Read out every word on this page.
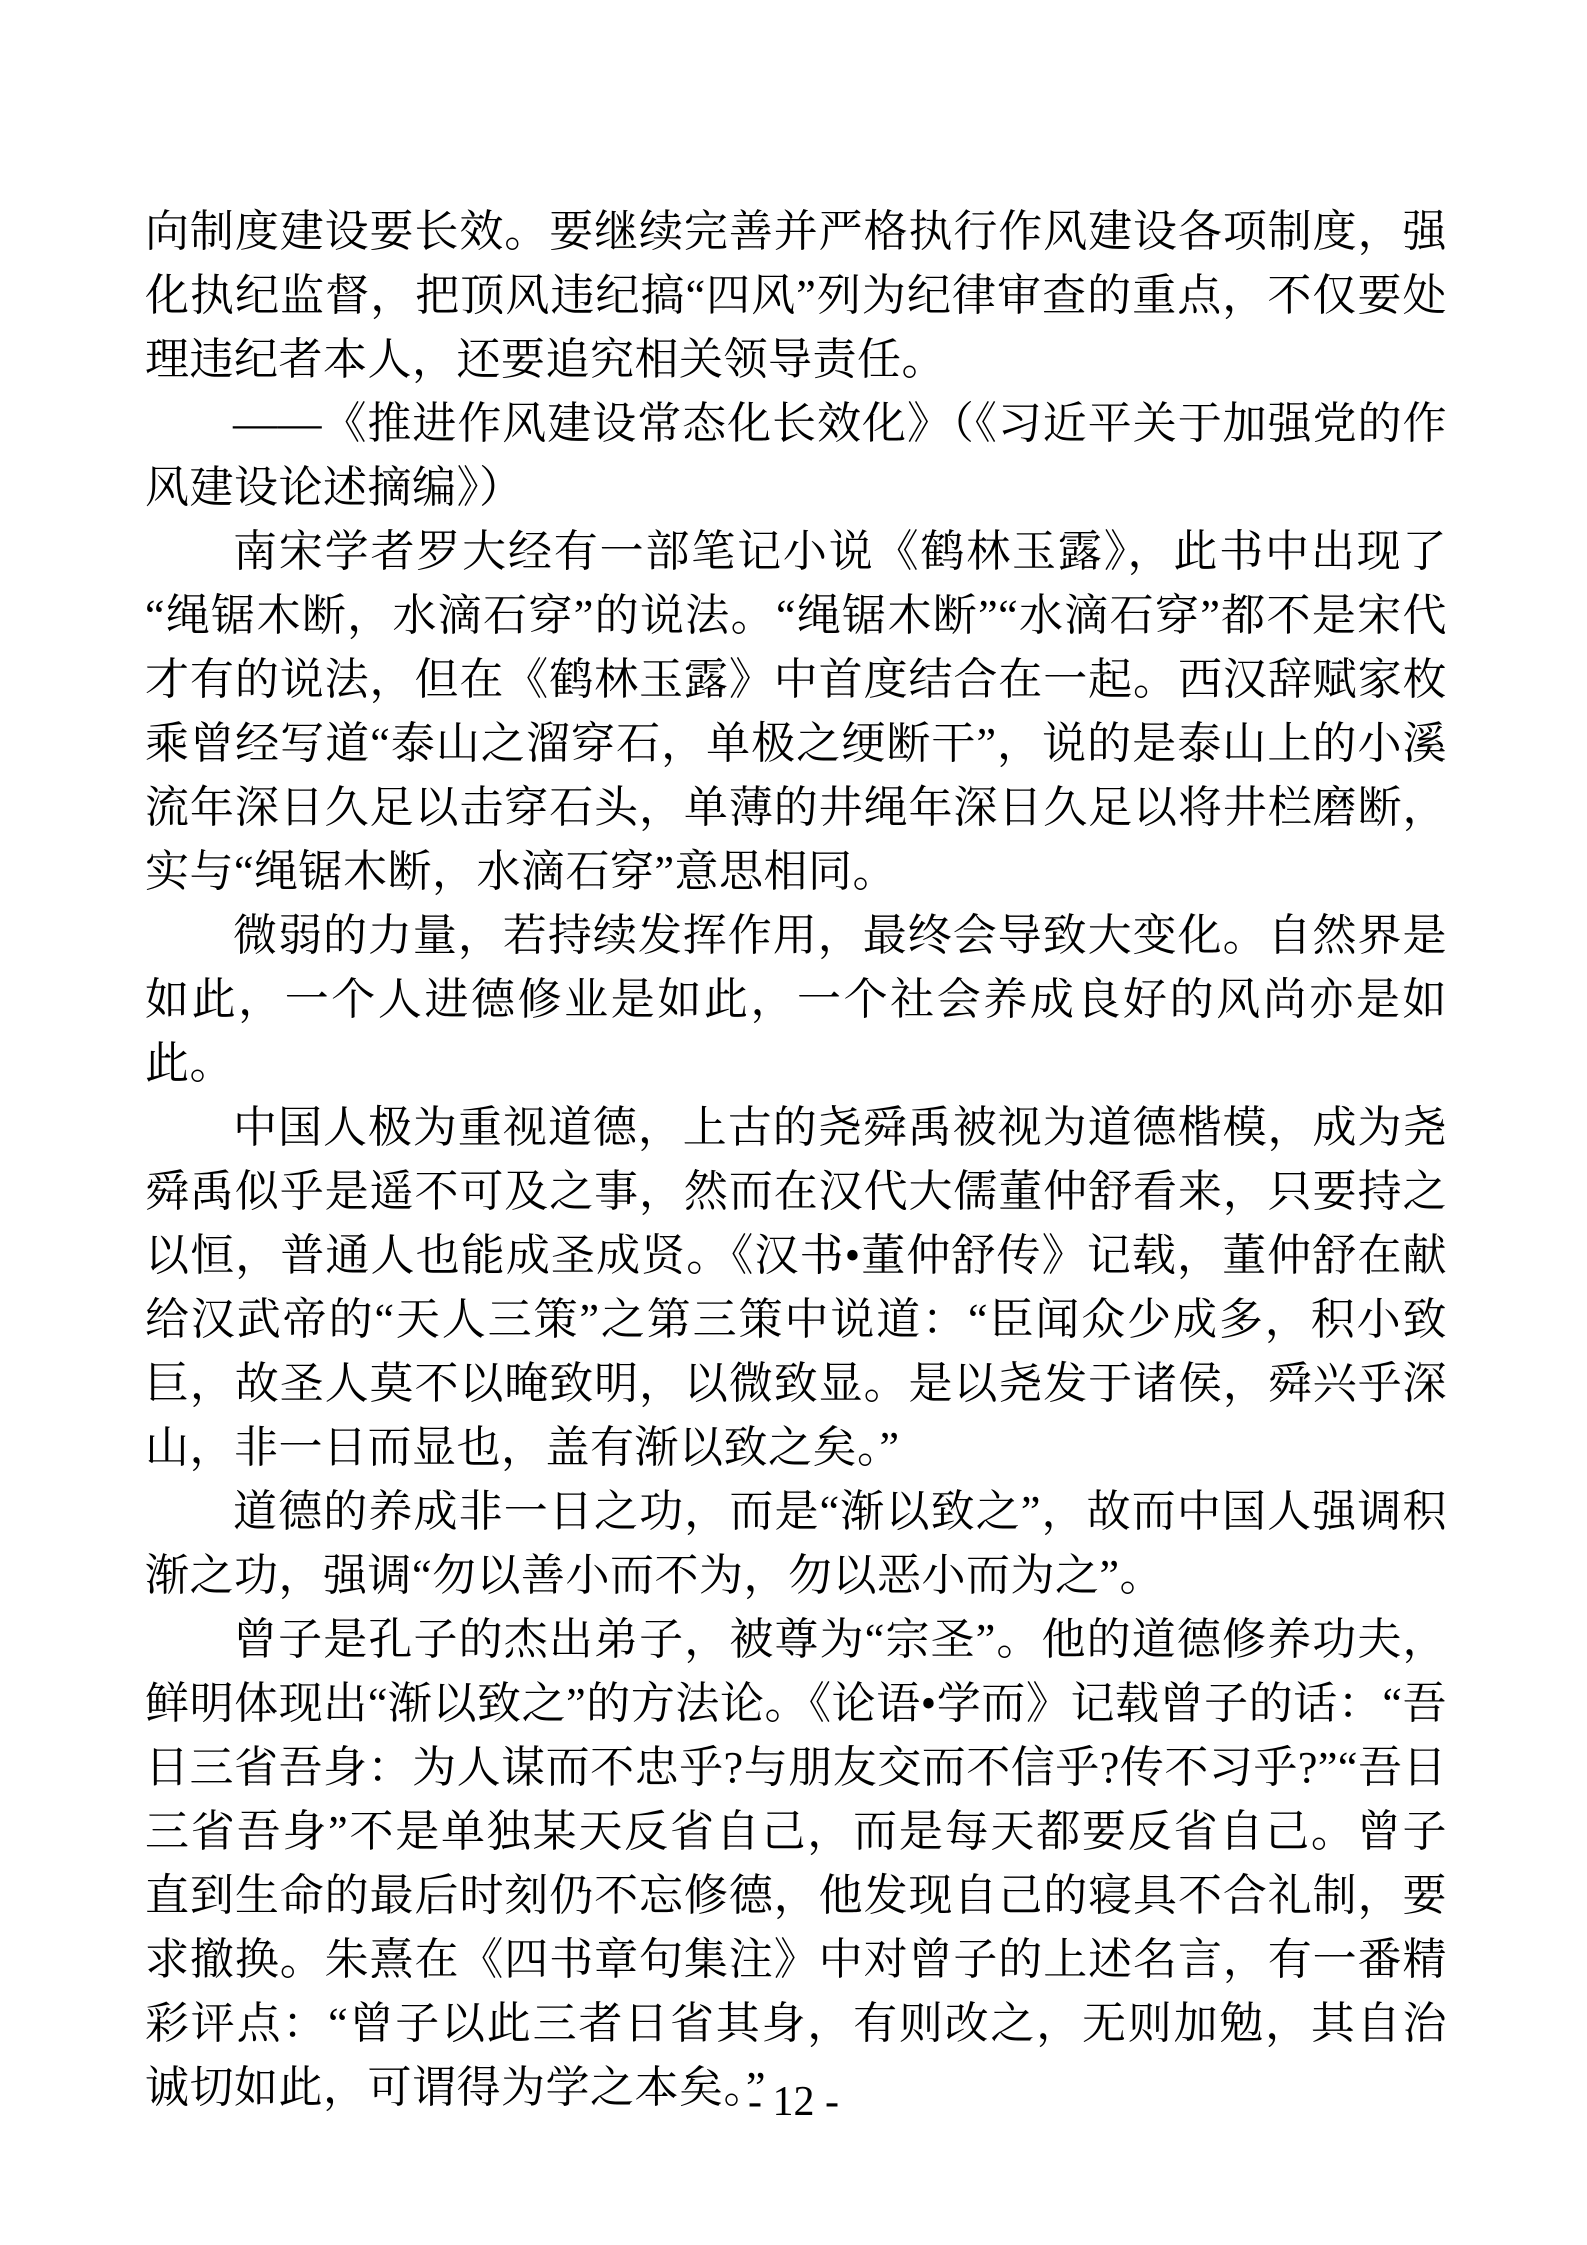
向制度建设要长效。要继续完善并严格执行作风建设各项制度，强化执纪监督，把顶风违纪搞“四风”列为纪律审查的重点，不仅要处理违纪者本人，还要追究相关领导责任。

——《推进作风建设常态化长效化》（《习近平关于加强党的作风建设论述摘编》）

南宋学者罗大经有一部笔记小说《鹤林玉露》，此书中出现了“绳锯木断，水滴石穿”的说法。“绳锯木断”“水滴石穿”都不是宋代才有的说法，但在《鹤林玉露》中首度结合在一起。西汉辞赋家枚乘曾经写道“泰山之溜穿石，单极之绠断干”，说的是泰山上的小溪流年深日久足以击穿石头，单薄的井绳年深日久足以将井栏磨断，实与“绳锯木断，水滴石穿”意思相同。

微弱的力量，若持续发挥作用，最终会导致大变化。自然界是如此，一个人进德修业是如此，一个社会养成良好的风尚亦是如此。

中国人极为重视道德，上古的尧舜禹被视为道德楷模，成为尧舜禹似乎是遥不可及之事，然而在汉代大儒董仲舒看来，只要持之以恒，普通人也能成圣成贤。《汉书•董仲舒传》记载，董仲舒在献给汉武帝的“天人三策”之第三策中说道：“臣闻众少成多，积小致巨，故圣人莫不以晻致明，以微致显。是以尧发于诸侯，舜兴乎深山，非一日而显也，盖有渐以致之矣。”

道德的养成非一日之功，而是“渐以致之”，故而中国人强调积渐之功，强调“勿以善小而不为，勿以恶小而为之”。

曾子是孔子的杰出弟子，被尊为“宗圣”。他的道德修养功夫，鲜明体现出“渐以致之”的方法论。《论语•学而》记载曾子的话：“吾日三省吾身：为人谋而不忠乎?与朋友交而不信乎?传不习乎?”“吾日三省吾身”不是单独某天反省自己，而是每天都要反省自己。曾子直到生命的最后时刻仍不忘修德，他发现自己的寝具不合礼制，要求撤换。朱熹在《四书章句集注》中对曾子的上述名言，有一番精彩评点：“曾子以此三者日省其身，有则改之，无则加勉，其自治诚切如此，可谓得为学之本矣。”

- 12 -
